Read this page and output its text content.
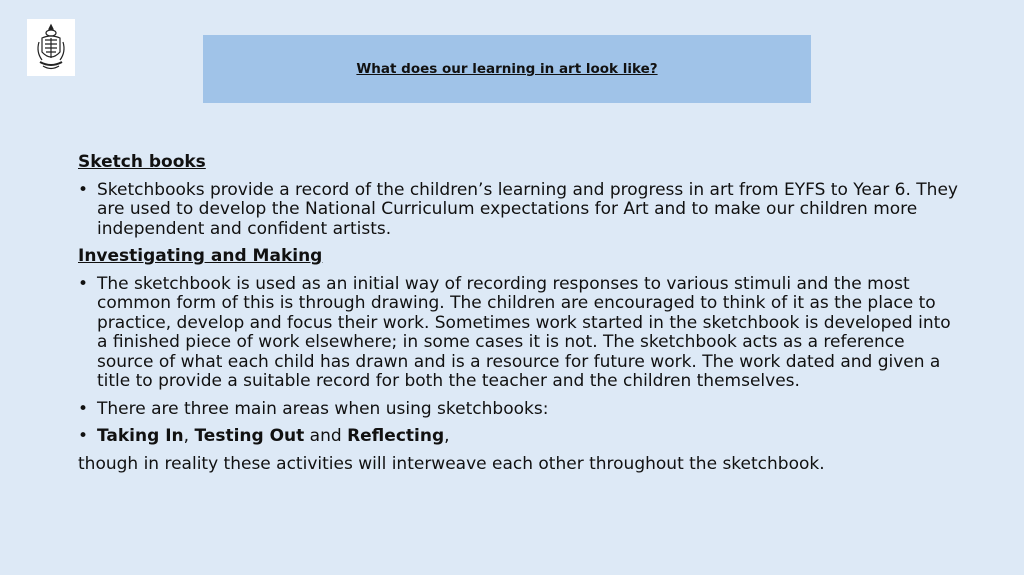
What does our learning in art look like?

Sketch books

• Sketchbooks provide a record of the children’s learning and progress in art from EYFS to Year 6. They are used to develop the National Curriculum expectations for Art and to make our children more independent and confident artists.

Investigating and Making

• The sketchbook is used as an initial way of recording responses to various stimuli and the most common form of this is through drawing. The children are encouraged to think of it as the place to practice, develop and focus their work. Sometimes work started in the sketchbook is developed into a finished piece of work elsewhere; in some cases it is not. The sketchbook acts as a reference source of what each child has drawn and is a resource for future work. The work dated and given a title to provide a suitable record for both the teacher and the children themselves.

• There are three main areas when using sketchbooks:

• Taking In, Testing Out and Reflecting,

though in reality these activities will interweave each other throughout the sketchbook.
